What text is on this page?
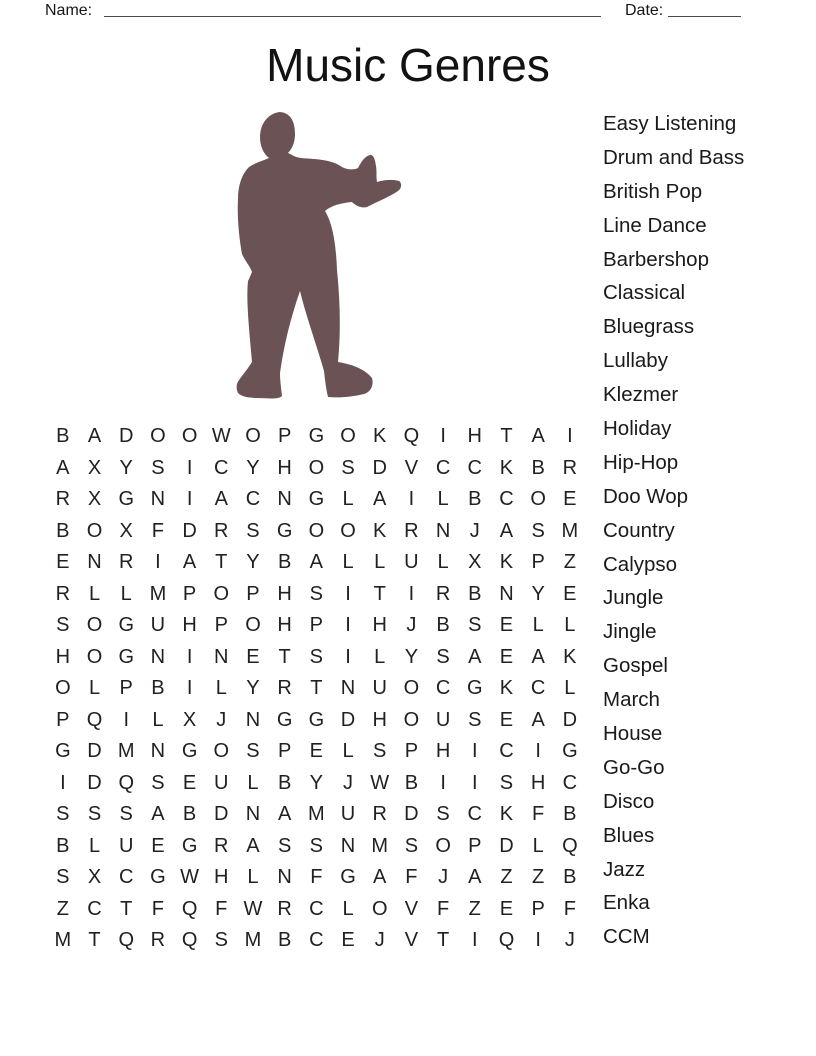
Name:	Date:
Music Genres
Easy Listening
Drum and Bass
British Pop
Line Dance
Barbershop
Classical
Bluegrass
Lullaby
Klezmer
Holiday
Hip-Hop
Doo Wop
Country
Calypso
Jungle
Jingle
Gospel
March
House
Go-Go
Disco
Blues
Jazz
Enka
CCM
B A D O O W O P G O K Q	I	H T A	I
A X Y S	I	C Y H O S D V C C K B R
R X G N	I	A C N G L A	I	L B C O E
B O X F D R S G O O K R N J	A S M
E N R	I	A T Y B A L	L U L X K P Z
R L	L M P O P H S	I	T	I	R B N Y E
S O G U H P O H P	I	H J	B S E L	L
H O G N	I	N E T S	I	L Y S A E A K
O L P B	I	L Y R T N U O C G K C L
P Q	I	L X	J N G G D H O U S E A D
G D M N G O S P E L S P H	I	C	I	G
I	D Q S E U L B Y	J W B	I	I	S H C
S S S A B D N A M U R D S C K F B
B L U E G R A S S N M S O P D L Q
S X C G W H L N F G A F	J	A Z Z B
Z C T F Q F W R C L O V F Z E P F
M T Q R Q S M B C E	J	V T	I	Q	I	J
